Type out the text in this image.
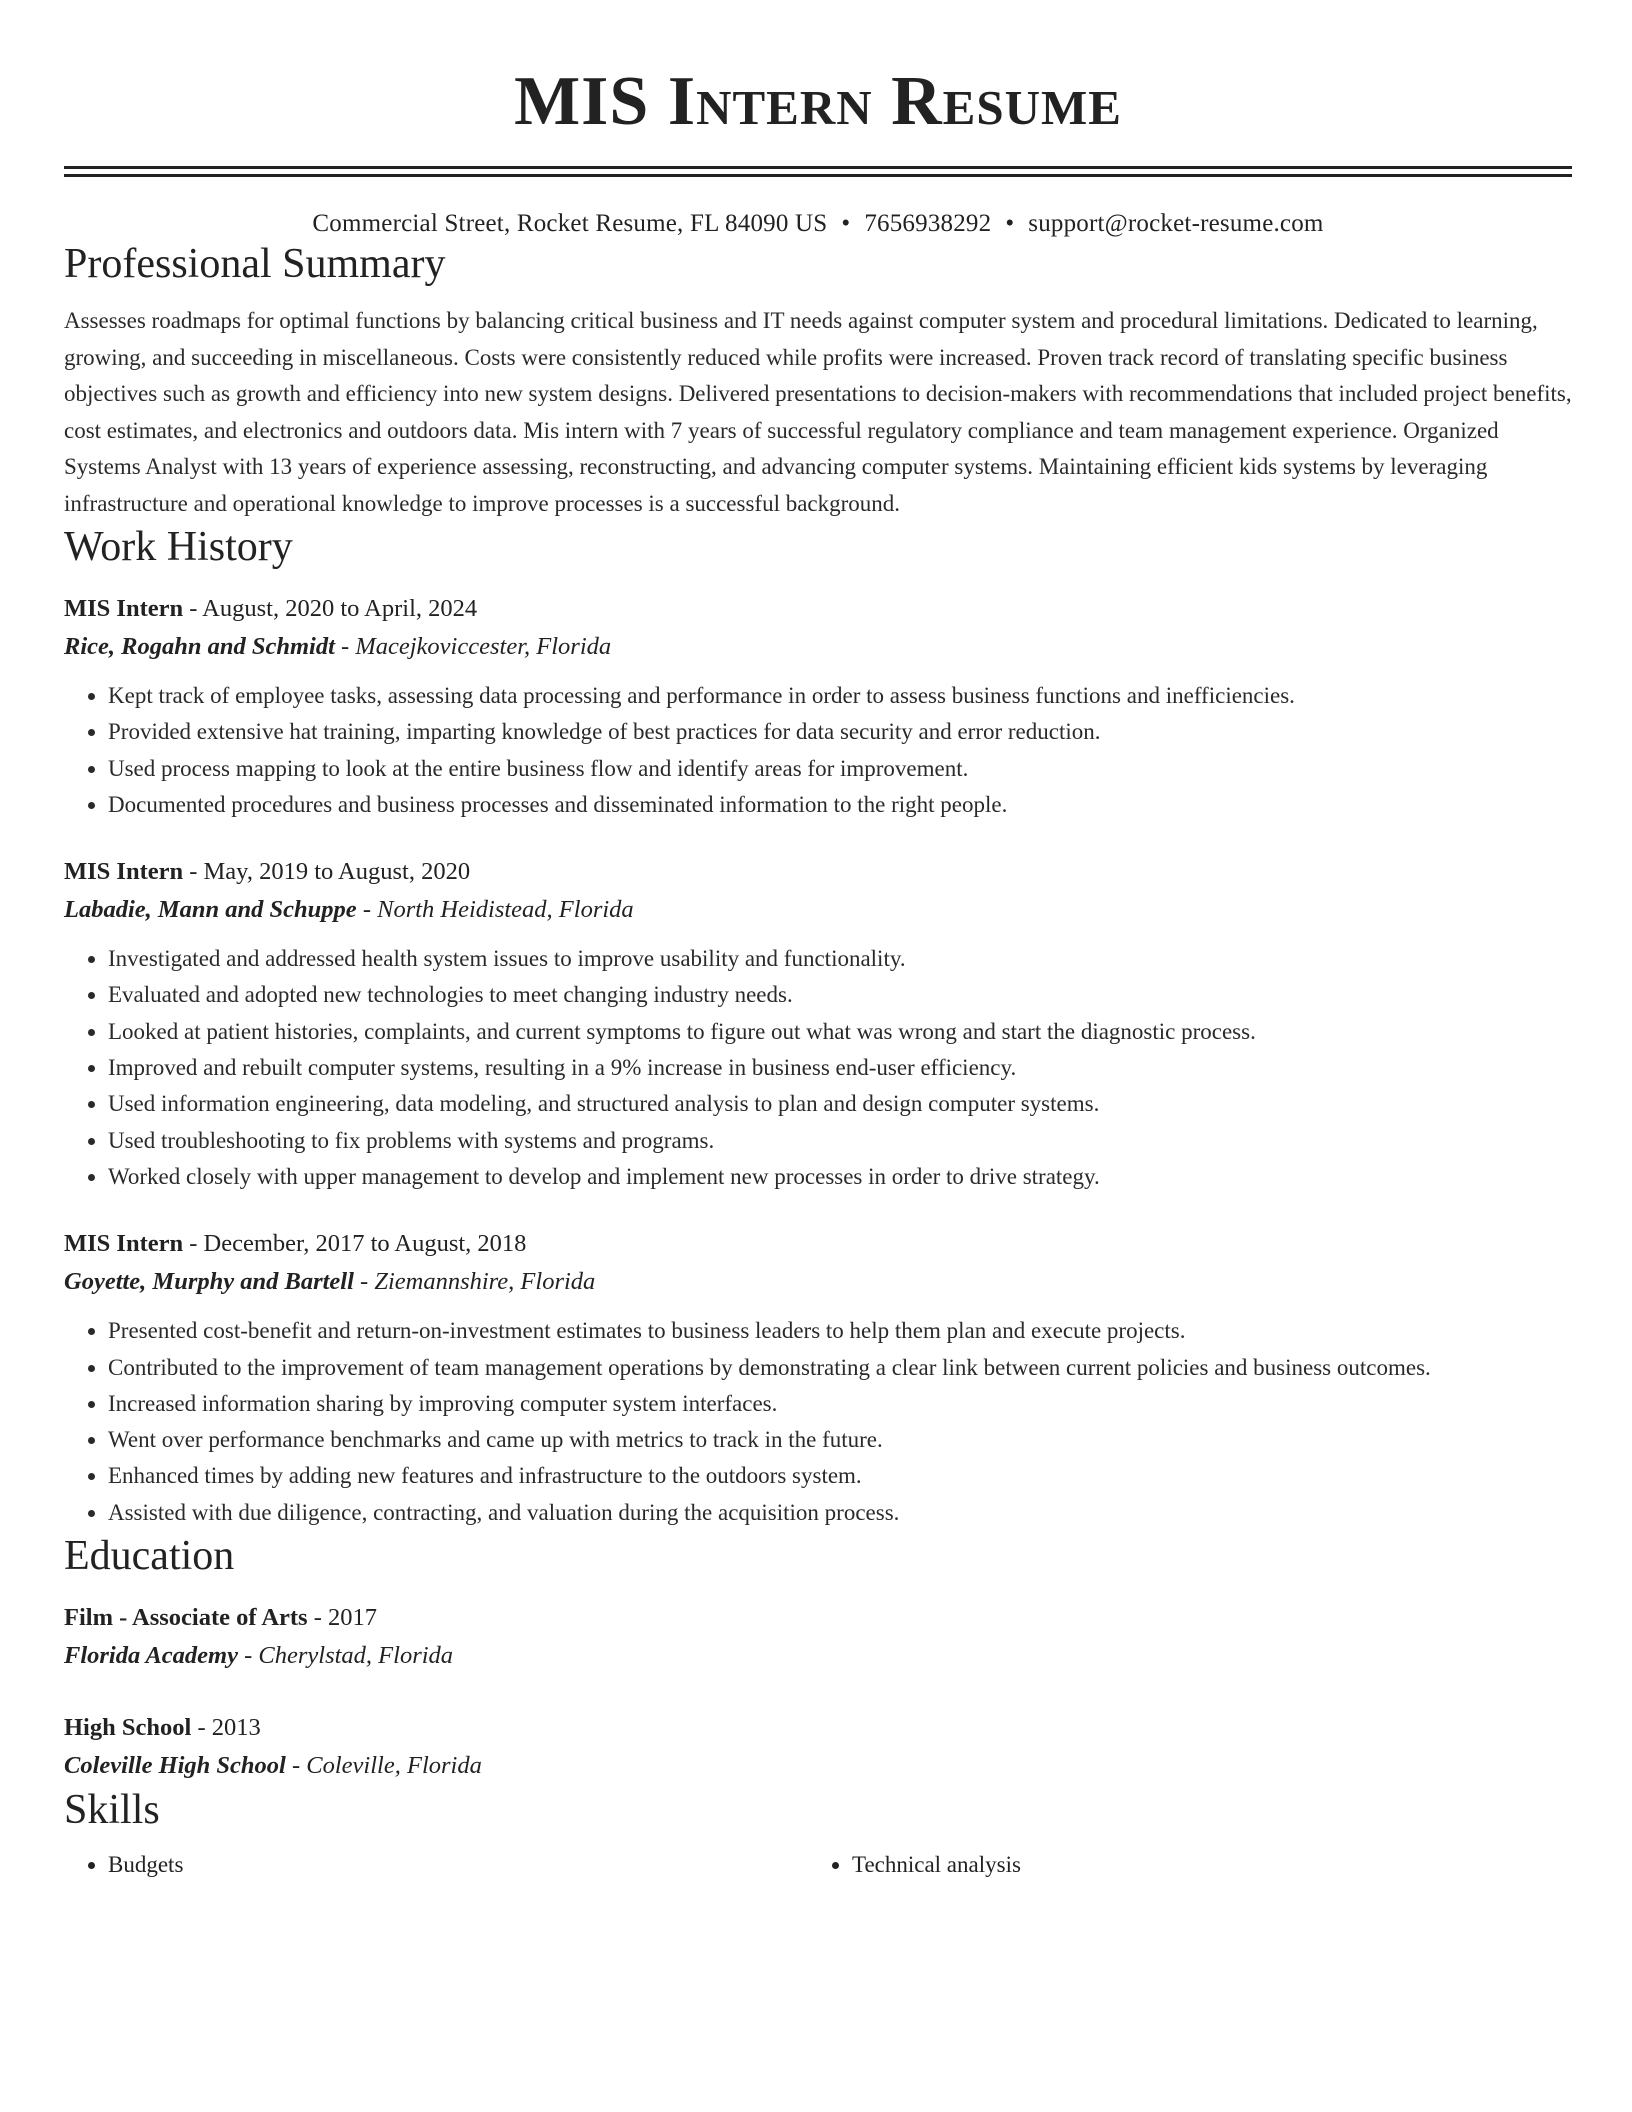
MIS Intern Resume
Commercial Street, Rocket Resume, FL 84090 US • 7656938292 • support@rocket-resume.com
Professional Summary

Assesses roadmaps for optimal functions by balancing critical business and IT needs against computer system and procedural limitations. Dedicated to learning, growing, and succeeding in miscellaneous. Costs were consistently reduced while profits were increased. Proven track record of translating specific business objectives such as growth and efficiency into new system designs. Delivered presentations to decision-makers with recommendations that included project benefits, cost estimates, and electronics and outdoors data. Mis intern with 7 years of successful regulatory compliance and team management experience. Organized Systems Analyst with 13 years of experience assessing, reconstructing, and advancing computer systems. Maintaining efficient kids systems by leveraging infrastructure and operational knowledge to improve processes is a successful background.

Work History
MIS Intern - August, 2020 to April, 2024
Rice, Rogahn and Schmidt - Macejkoviccester, Florida
• Kept track of employee tasks, assessing data processing and performance in order to assess business functions and inefficiencies.
• Provided extensive hat training, imparting knowledge of best practices for data security and error reduction.
• Used process mapping to look at the entire business flow and identify areas for improvement.
• Documented procedures and business processes and disseminated information to the right people.
MIS Intern - May, 2019 to August, 2020
Labadie, Mann and Schuppe - North Heidistead, Florida
• Investigated and addressed health system issues to improve usability and functionality.
• Evaluated and adopted new technologies to meet changing industry needs.
• Looked at patient histories, complaints, and current symptoms to figure out what was wrong and start the diagnostic process.
• Improved and rebuilt computer systems, resulting in a 9% increase in business end-user efficiency.
• Used information engineering, data modeling, and structured analysis to plan and design computer systems.
• Used troubleshooting to fix problems with systems and programs.
• Worked closely with upper management to develop and implement new processes in order to drive strategy.
MIS Intern - December, 2017 to August, 2018
Goyette, Murphy and Bartell - Ziemannshire, Florida
• Presented cost-benefit and return-on-investment estimates to business leaders to help them plan and execute projects.
• Contributed to the improvement of team management operations by demonstrating a clear link between current policies and business outcomes.
• Increased information sharing by improving computer system interfaces.
• Went over performance benchmarks and came up with metrics to track in the future.
• Enhanced times by adding new features and infrastructure to the outdoors system.
• Assisted with due diligence, contracting, and valuation during the acquisition process.
Education
Film - Associate of Arts - 2017
Florida Academy - Cherylstad, Florida
High School - 2013
Coleville High School - Coleville, Florida
Skills
• Budgets
•	Technical analysis
